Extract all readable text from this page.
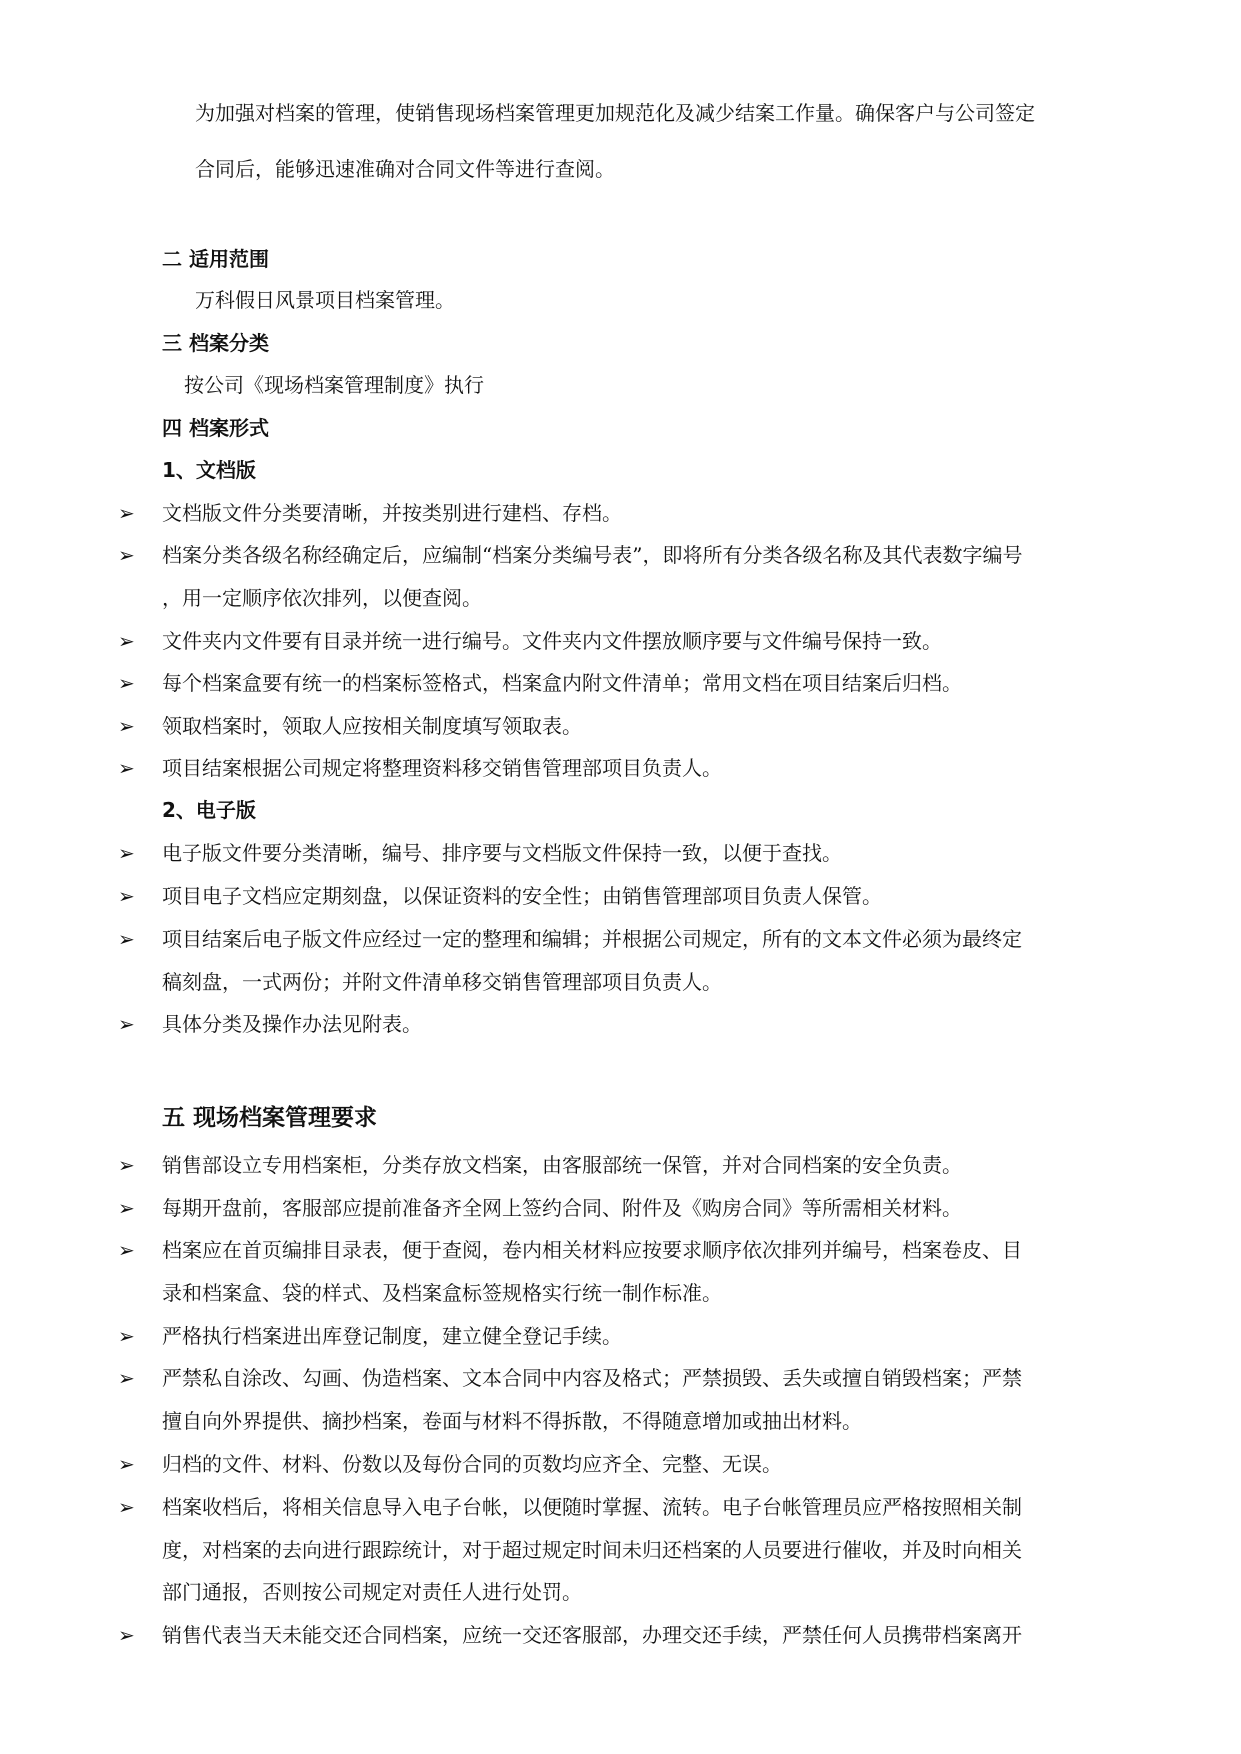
为加强对档案的管理，使销售现场档案管理更加规范化及减少结案工作量。确保客户与公司签定
合同后，能够迅速准确对合同文件等进行查阅。
二 适用范围
万科假日风景项目档案管理。
三 档案分类
按公司《现场档案管理制度》执行
四 档案形式
1、文档版
➢ 文档版文件分类要清晰，并按类别进行建档、存档。
➢ 档案分类各级名称经确定后，应编制“档案分类编号表”，即将所有分类各级名称及其代表数字编号
，用一定顺序依次排列，以便查阅。
➢ 文件夹内文件要有目录并统一进行编号。文件夹内文件摆放顺序要与文件编号保持一致。
➢ 每个档案盒要有统一的档案标签格式，档案盒内附文件清单；常用文档在项目结案后归档。
➢ 领取档案时，领取人应按相关制度填写领取表。
➢ 项目结案根据公司规定将整理资料移交销售管理部项目负责人。
2、电子版
➢ 电子版文件要分类清晰，编号、排序要与文档版文件保持一致，以便于查找。
➢ 项目电子文档应定期刻盘，以保证资料的安全性；由销售管理部项目负责人保管。
➢ 项目结案后电子版文件应经过一定的整理和编辑；并根据公司规定，所有的文本文件必须为最终定
稿刻盘，一式两份；并附文件清单移交销售管理部项目负责人。
➢ 具体分类及操作办法见附表。
五 现场档案管理要求
➢ 销售部设立专用档案柜，分类存放文档案，由客服部统一保管，并对合同档案的安全负责。
➢ 每期开盘前，客服部应提前准备齐全网上签约合同、附件及《购房合同》等所需相关材料。
➢ 档案应在首页编排目录表，便于查阅，卷内相关材料应按要求顺序依次排列并编号，档案卷皮、目
录和档案盒、袋的样式、及档案盒标签规格实行统一制作标准。
➢ 严格执行档案进出库登记制度，建立健全登记手续。
➢ 严禁私自涂改、勾画、伪造档案、文本合同中内容及格式；严禁损毁、丢失或擅自销毁档案；严禁
擅自向外界提供、摘抄档案，卷面与材料不得拆散，不得随意增加或抽出材料。
➢ 归档的文件、材料、份数以及每份合同的页数均应齐全、完整、无误。
➢ 档案收档后，将相关信息导入电子台帐，以便随时掌握、流转。电子台帐管理员应严格按照相关制
度，对档案的去向进行跟踪统计，对于超过规定时间未归还档案的人员要进行催收，并及时向相关
部门通报，否则按公司规定对责任人进行处罚。
➢ 销售代表当天未能交还合同档案，应统一交还客服部，办理交还手续，严禁任何人员携带档案离开
